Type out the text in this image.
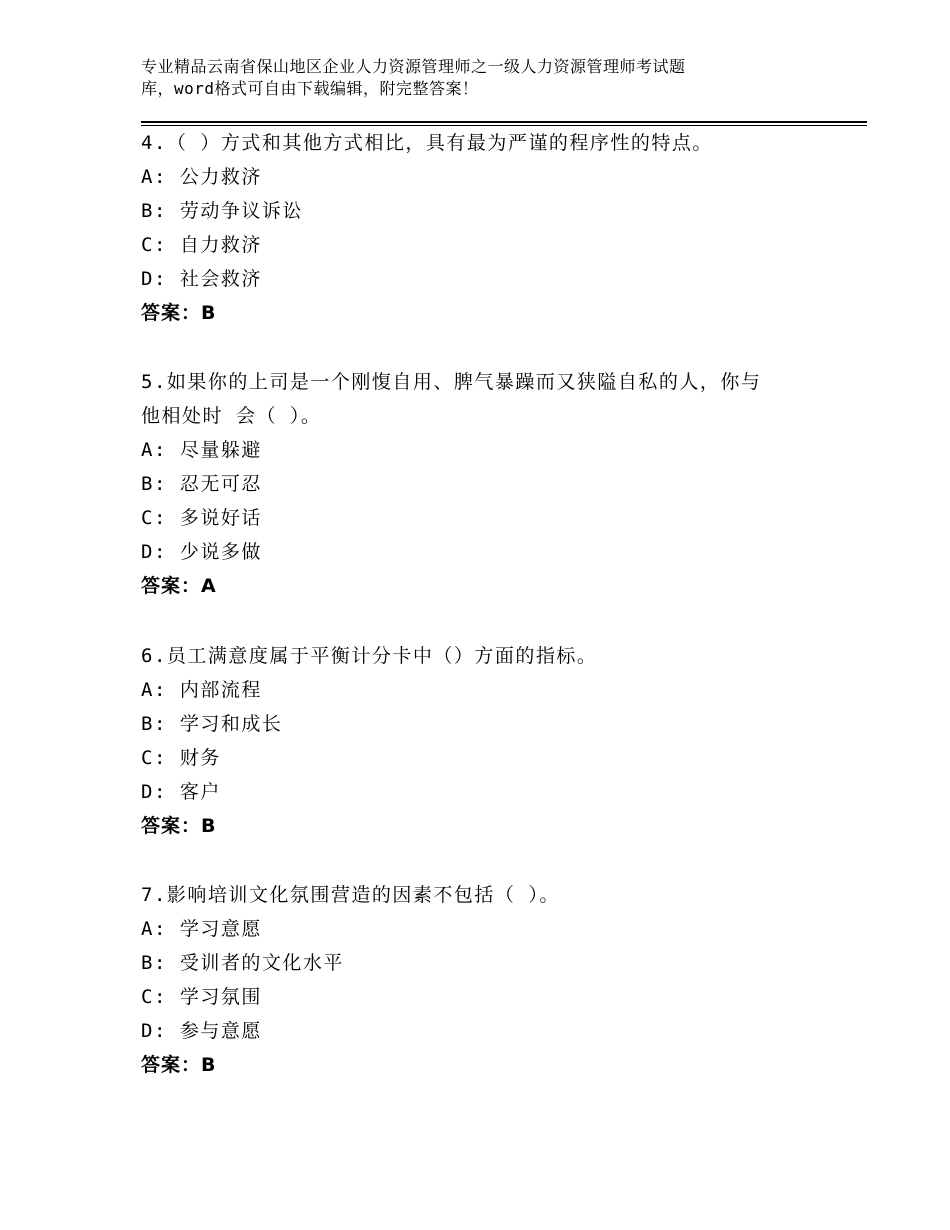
专业精品云南省保山地区企业人力资源管理师之一级人力资源管理师考试题
库，word格式可自由下载编辑，附完整答案！
4.（ ）方式和其他方式相比，具有最为严谨的程序性的特点。
A: 公力救济
B: 劳动争议诉讼
C: 自力救济
D: 社会救济
答案：B
5.如果你的上司是一个刚愎自用、脾气暴躁而又狭隘自私的人，你与
他相处时 会（ ）。
A: 尽量躲避
B: 忍无可忍
C: 多说好话
D: 少说多做
答案：A
6.员工满意度属于平衡计分卡中（）方面的指标。
A: 内部流程
B: 学习和成长
C: 财务
D: 客户
答案：B
7.影响培训文化氛围营造的因素不包括（ ）。
A: 学习意愿
B: 受训者的文化水平
C: 学习氛围
D: 参与意愿
答案：B
